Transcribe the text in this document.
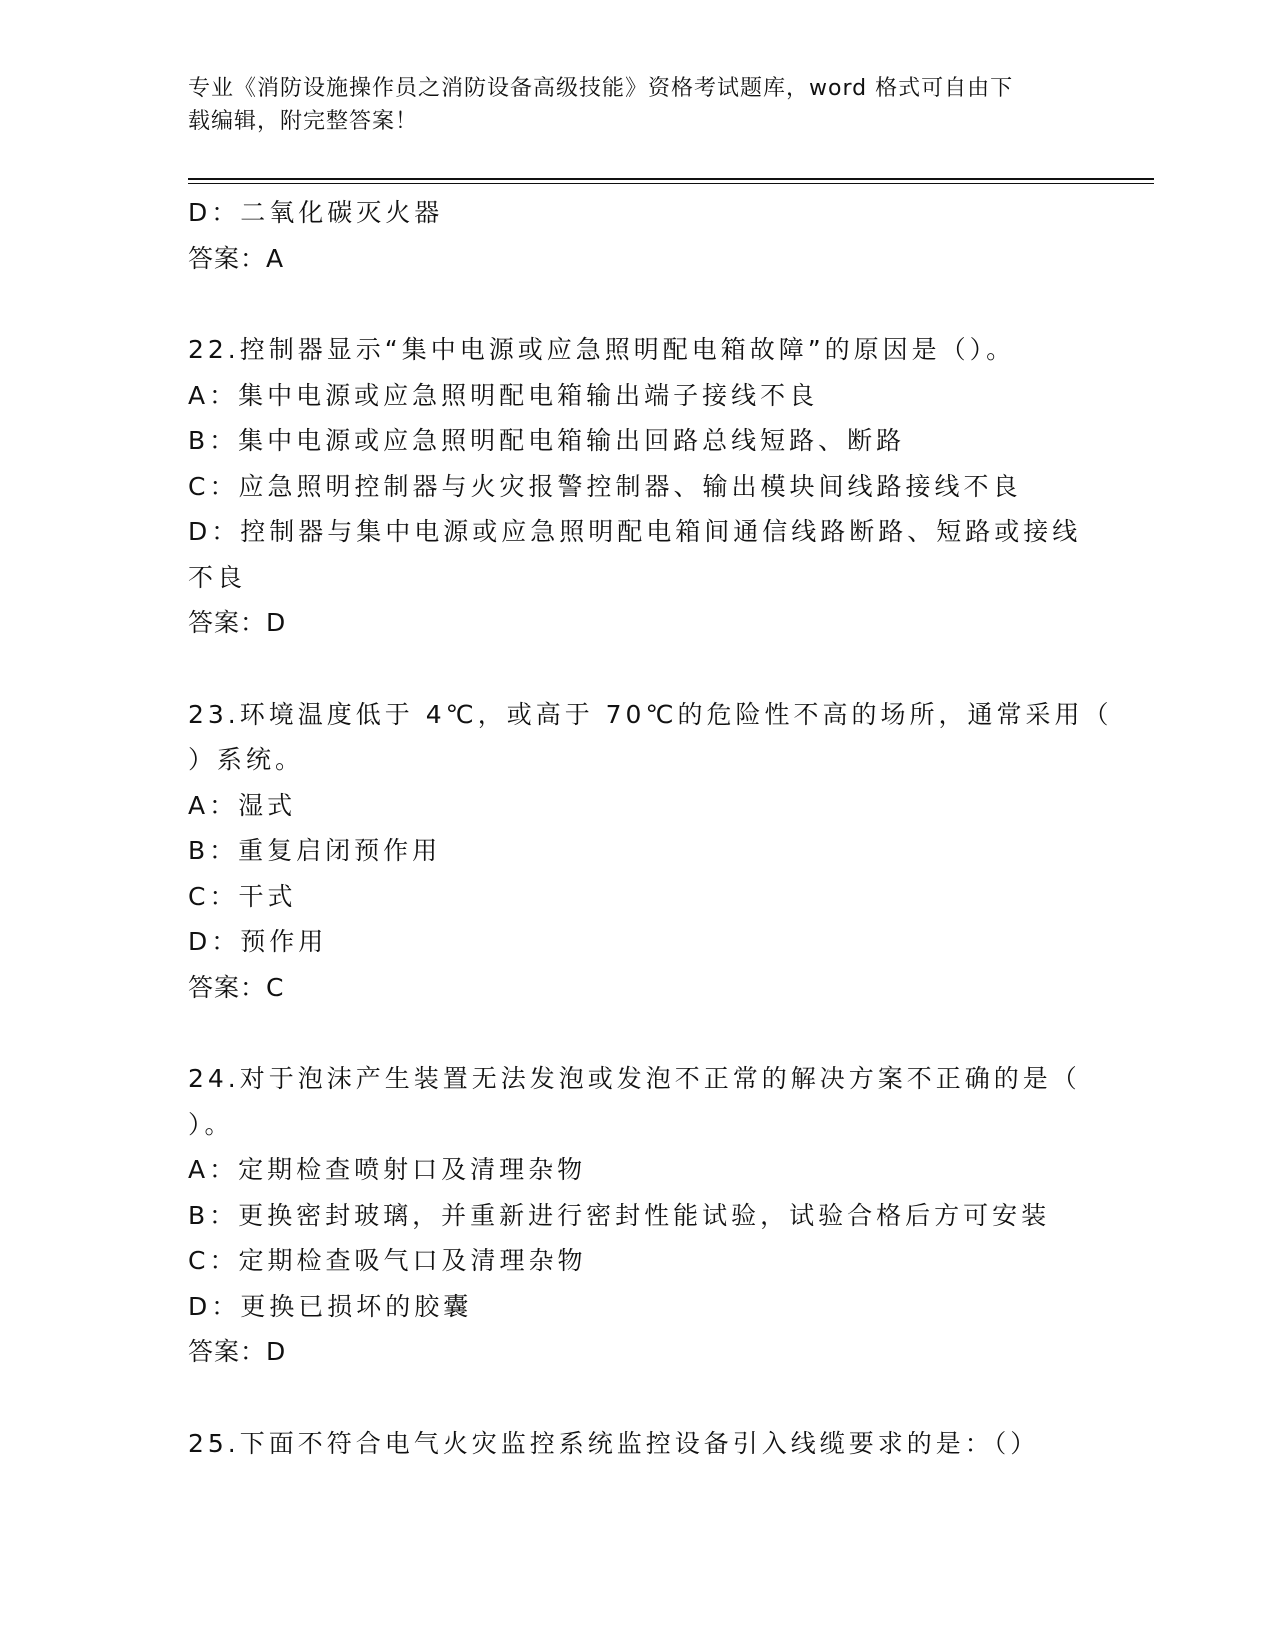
专业《消防设施操作员之消防设备高级技能》资格考试题库，word 格式可自由下
载编辑，附完整答案！
D：二氧化碳灭火器
答案：A
22.控制器显示“集中电源或应急照明配电箱故障”的原因是（）。
A：集中电源或应急照明配电箱输出端子接线不良
B：集中电源或应急照明配电箱输出回路总线短路、断路
C：应急照明控制器与火灾报警控制器、输出模块间线路接线不良
D：控制器与集中电源或应急照明配电箱间通信线路断路、短路或接线
不良
答案：D
23.环境温度低于 4℃，或高于 70℃的危险性不高的场所，通常采用（
）系统。
A：湿式
B：重复启闭预作用
C：干式
D：预作用
答案：C
24.对于泡沫产生装置无法发泡或发泡不正常的解决方案不正确的是（
）。
A：定期检查喷射口及清理杂物
B：更换密封玻璃，并重新进行密封性能试验，试验合格后方可安装
C：定期检查吸气口及清理杂物
D：更换已损坏的胶囊
答案：D
25.下面不符合电气火灾监控系统监控设备引入线缆要求的是：（）
